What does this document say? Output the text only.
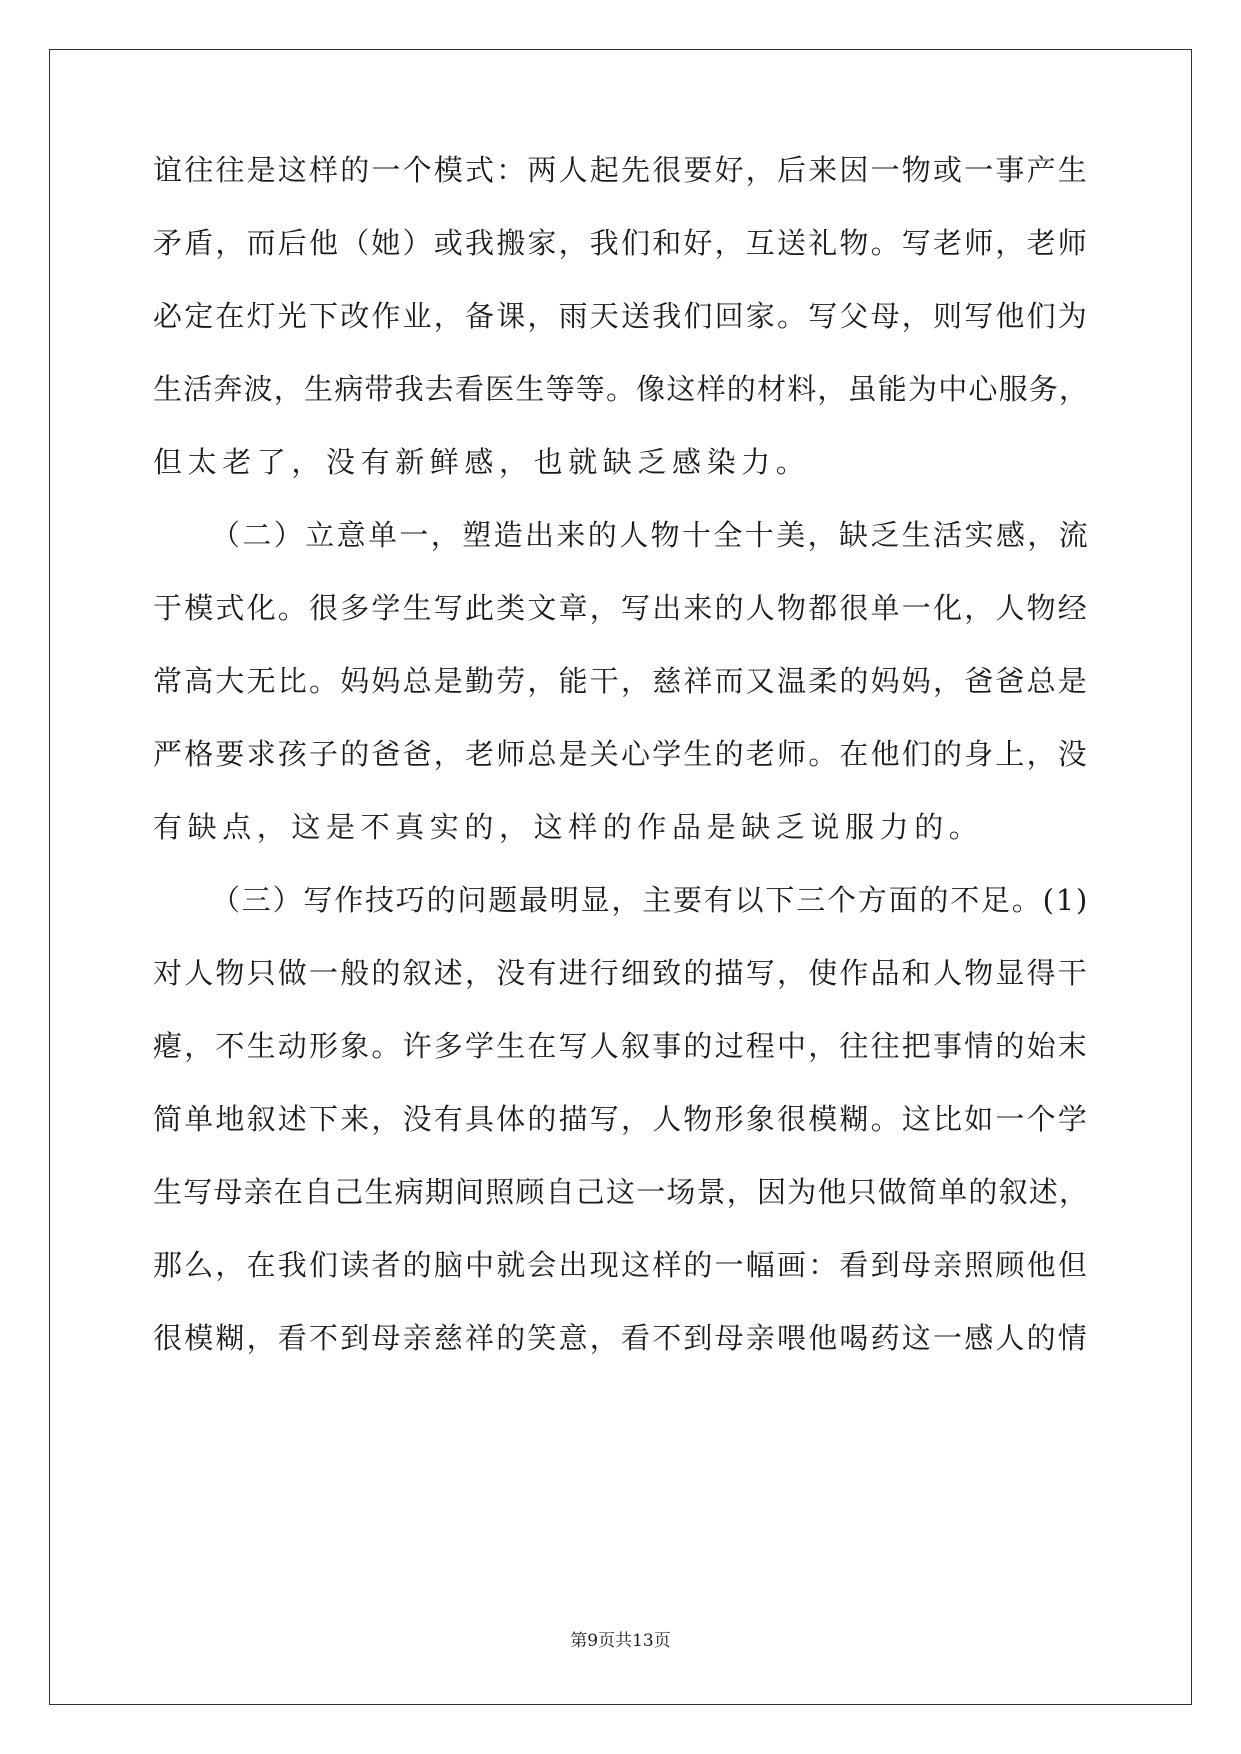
谊往往是这样的一个模式：两人起先很要好，后来因一物或一事产生
矛盾，而后他（她）或我搬家，我们和好，互送礼物。写老师，老师
必定在灯光下改作业，备课，雨天送我们回家。写父母，则写他们为
生活奔波，生病带我去看医生等等。像这样的材料，虽能为中心服务，
但太老了，没有新鲜感，也就缺乏感染力。
（二）立意单一，塑造出来的人物十全十美，缺乏生活实感，流
于模式化。很多学生写此类文章，写出来的人物都很单一化，人物经
常高大无比。妈妈总是勤劳，能干，慈祥而又温柔的妈妈，爸爸总是
严格要求孩子的爸爸，老师总是关心学生的老师。在他们的身上，没
有缺点，这是不真实的，这样的作品是缺乏说服力的。
（三）写作技巧的问题最明显，主要有以下三个方面的不足。(1)
对人物只做一般的叙述，没有进行细致的描写，使作品和人物显得干
瘪，不生动形象。许多学生在写人叙事的过程中，往往把事情的始末
简单地叙述下来，没有具体的描写，人物形象很模糊。这比如一个学
生写母亲在自己生病期间照顾自己这一场景，因为他只做简单的叙述，
那么，在我们读者的脑中就会出现这样的一幅画：看到母亲照顾他但
很模糊，看不到母亲慈祥的笑意，看不到母亲喂他喝药这一感人的情
第9页共13页
